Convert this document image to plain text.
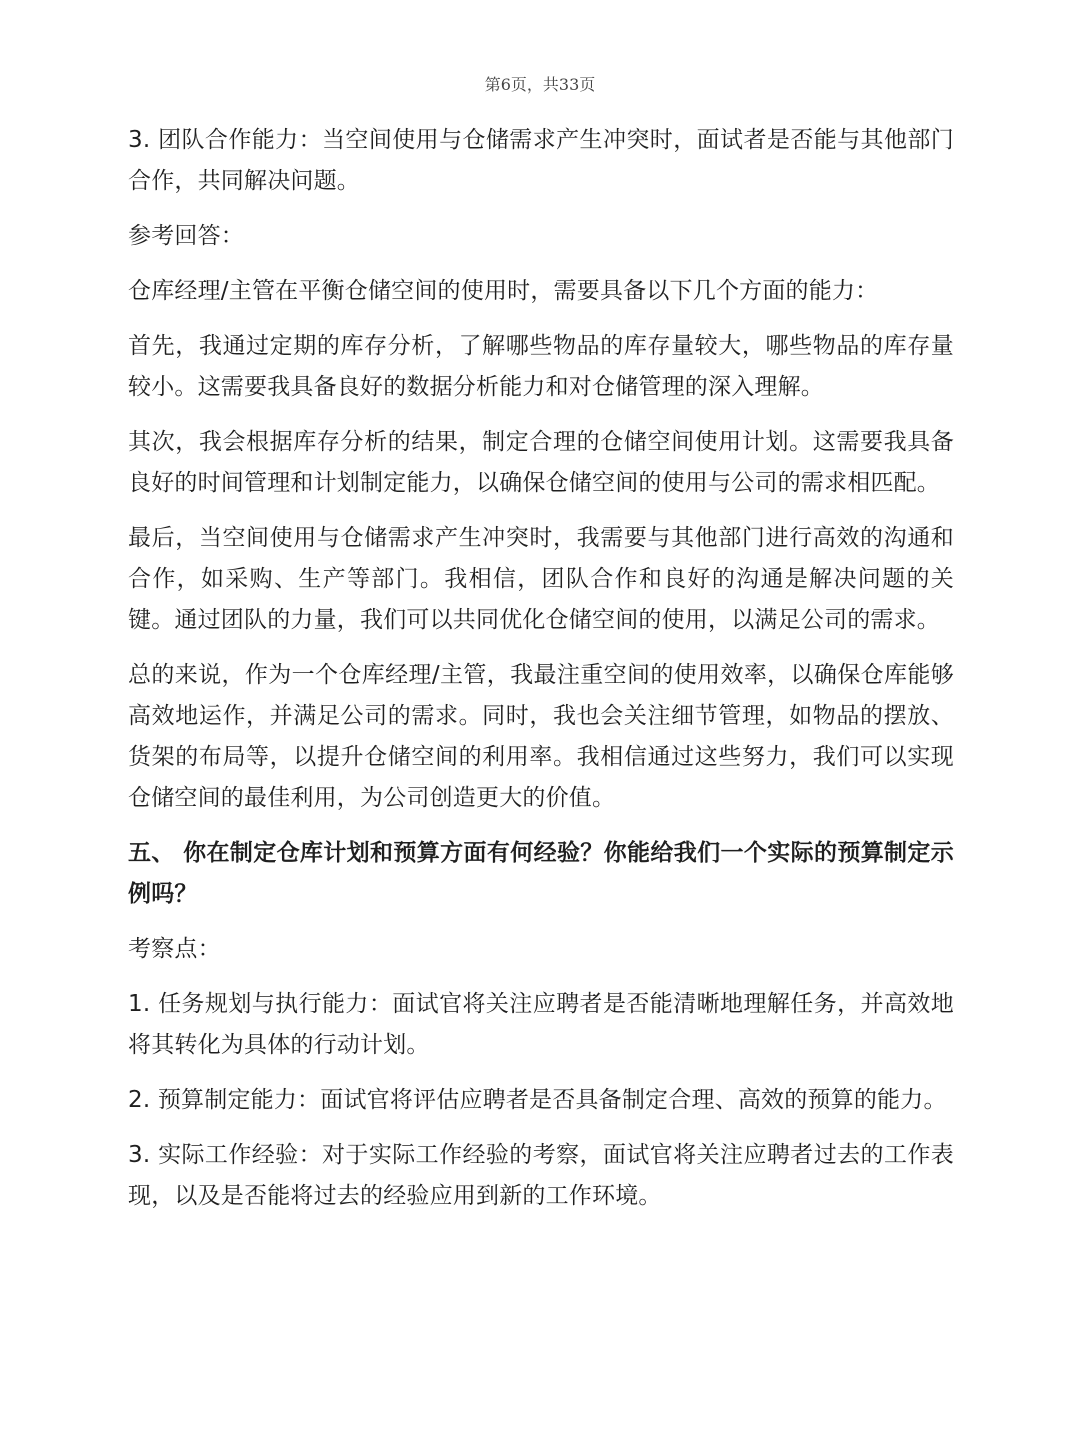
第6页，共33页

3. 团队合作能力：当空间使用与仓储需求产生冲突时，面试者是否能与其他部门合作，共同解决问题。

参考回答：

仓库经理/主管在平衡仓储空间的使用时，需要具备以下几个方面的能力：

首先，我通过定期的库存分析，了解哪些物品的库存量较大，哪些物品的库存量较小。这需要我具备良好的数据分析能力和对仓储管理的深入理解。

其次，我会根据库存分析的结果，制定合理的仓储空间使用计划。这需要我具备良好的时间管理和计划制定能力，以确保仓储空间的使用与公司的需求相匹配。

最后，当空间使用与仓储需求产生冲突时，我需要与其他部门进行高效的沟通和合作，如采购、生产等部门。我相信，团队合作和良好的沟通是解决问题的关键。通过团队的力量，我们可以共同优化仓储空间的使用，以满足公司的需求。

总的来说，作为一个仓库经理/主管，我最注重空间的使用效率，以确保仓库能够高效地运作，并满足公司的需求。同时，我也会关注细节管理，如物品的摆放、货架的布局等，以提升仓储空间的利用率。我相信通过这些努力，我们可以实现仓储空间的最佳利用，为公司创造更大的价值。

五、 你在制定仓库计划和预算方面有何经验？你能给我们一个实际的预算制定示例吗？

考察点：

1. 任务规划与执行能力：面试官将关注应聘者是否能清晰地理解任务，并高效地将其转化为具体的行动计划。

2. 预算制定能力：面试官将评估应聘者是否具备制定合理、高效的预算的能力。

3. 实际工作经验：对于实际工作经验的考察，面试官将关注应聘者过去的工作表现，以及是否能将过去的经验应用到新的工作环境。
